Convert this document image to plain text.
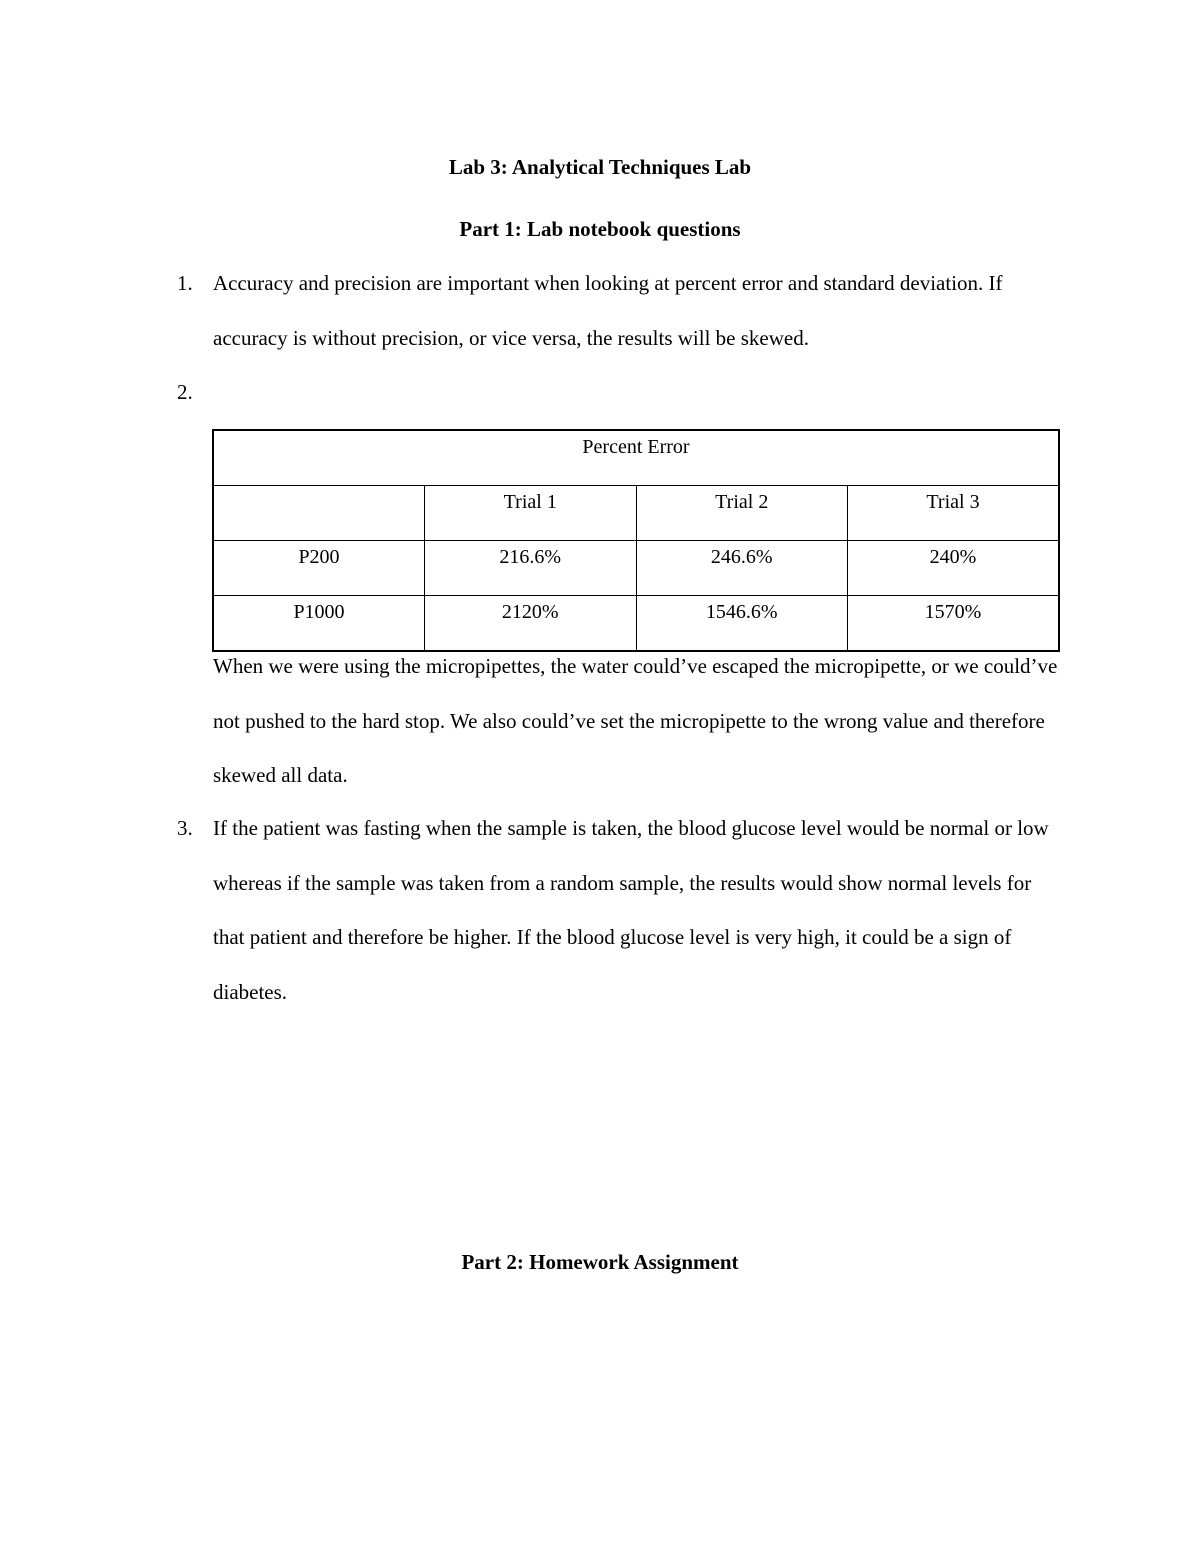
Lab 3: Analytical Techniques Lab
Part 1: Lab notebook questions
1. Accuracy and precision are important when looking at percent error and standard deviation. If accuracy is without precision, or vice versa, the results will be skewed.
2.
Percent Error			
	Trial 1	Trial 2	Trial 3
P200	216.6%	246.6%	240%
P1000	2120%	1546.6%	1570%
When we were using the micropipettes, the water could’ve escaped the micropipette, or we could’ve not pushed to the hard stop. We also could’ve set the micropipette to the wrong value and therefore skewed all data.
3. If the patient was fasting when the sample is taken, the blood glucose level would be normal or low whereas if the sample was taken from a random sample, the results would show normal levels for that patient and therefore be higher. If the blood glucose level is very high, it could be a sign of diabetes.
Part 2: Homework Assignment
